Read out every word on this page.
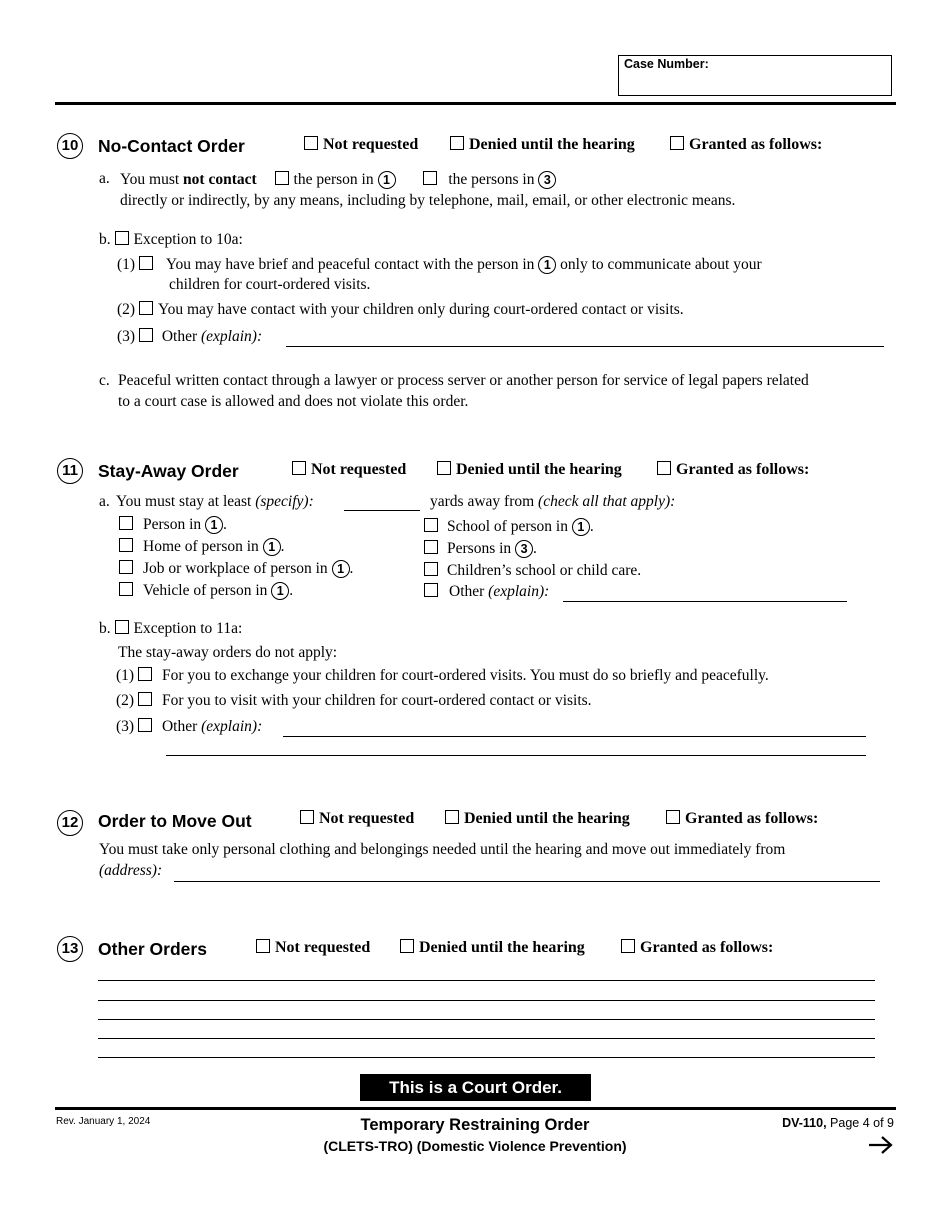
Case Number:
10 No-Contact Order	Not requested	Denied until the hearing	Granted as follows:
a. You must not contact the person in 1	the persons in 3
directly or indirectly, by any means, including by telephone, mail, email, or other electronic means.
b. Exception to 10a:
(1) You may have brief and peaceful contact with the person in 1 only to communicate about your
children for court-ordered visits.
(2) You may have contact with your children only during court-ordered contact or visits.
(3) Other (explain):
c. Peaceful written contact through a lawyer or process server or another person for service of legal papers related
to a court case is allowed and does not violate this order.
11 Stay-Away Order	Not requested	Denied until the hearing	Granted as follows:
a. You must stay at least (specify):	yards away from (check all that apply):
Person in 1 .
Home of person in 1 .
Job or workplace of person in 1 .
Vehicle of person in 1 .
School of person in 1 .
Persons in 3 .
Children’s school or child care.
Other (explain):
b. Exception to 11a:
The stay-away orders do not apply:
(1) For you to exchange your children for court-ordered visits. You must do so briefly and peacefully.
(2) For you to visit with your children for court-ordered contact or visits.
(3) Other (explain):
12 Order to Move Out	Not requested	Denied until the hearing	Granted as follows:
You must take only personal clothing and belongings needed until the hearing and move out immediately from
(address):
13 Other Orders	Not requested	Denied until the hearing	Granted as follows:
This is a Court Order.
Rev. January 1, 2024	Temporary Restraining Order
(CLETS-TRO) (Domestic Violence Prevention)
DV-110, Page 4 of 9
